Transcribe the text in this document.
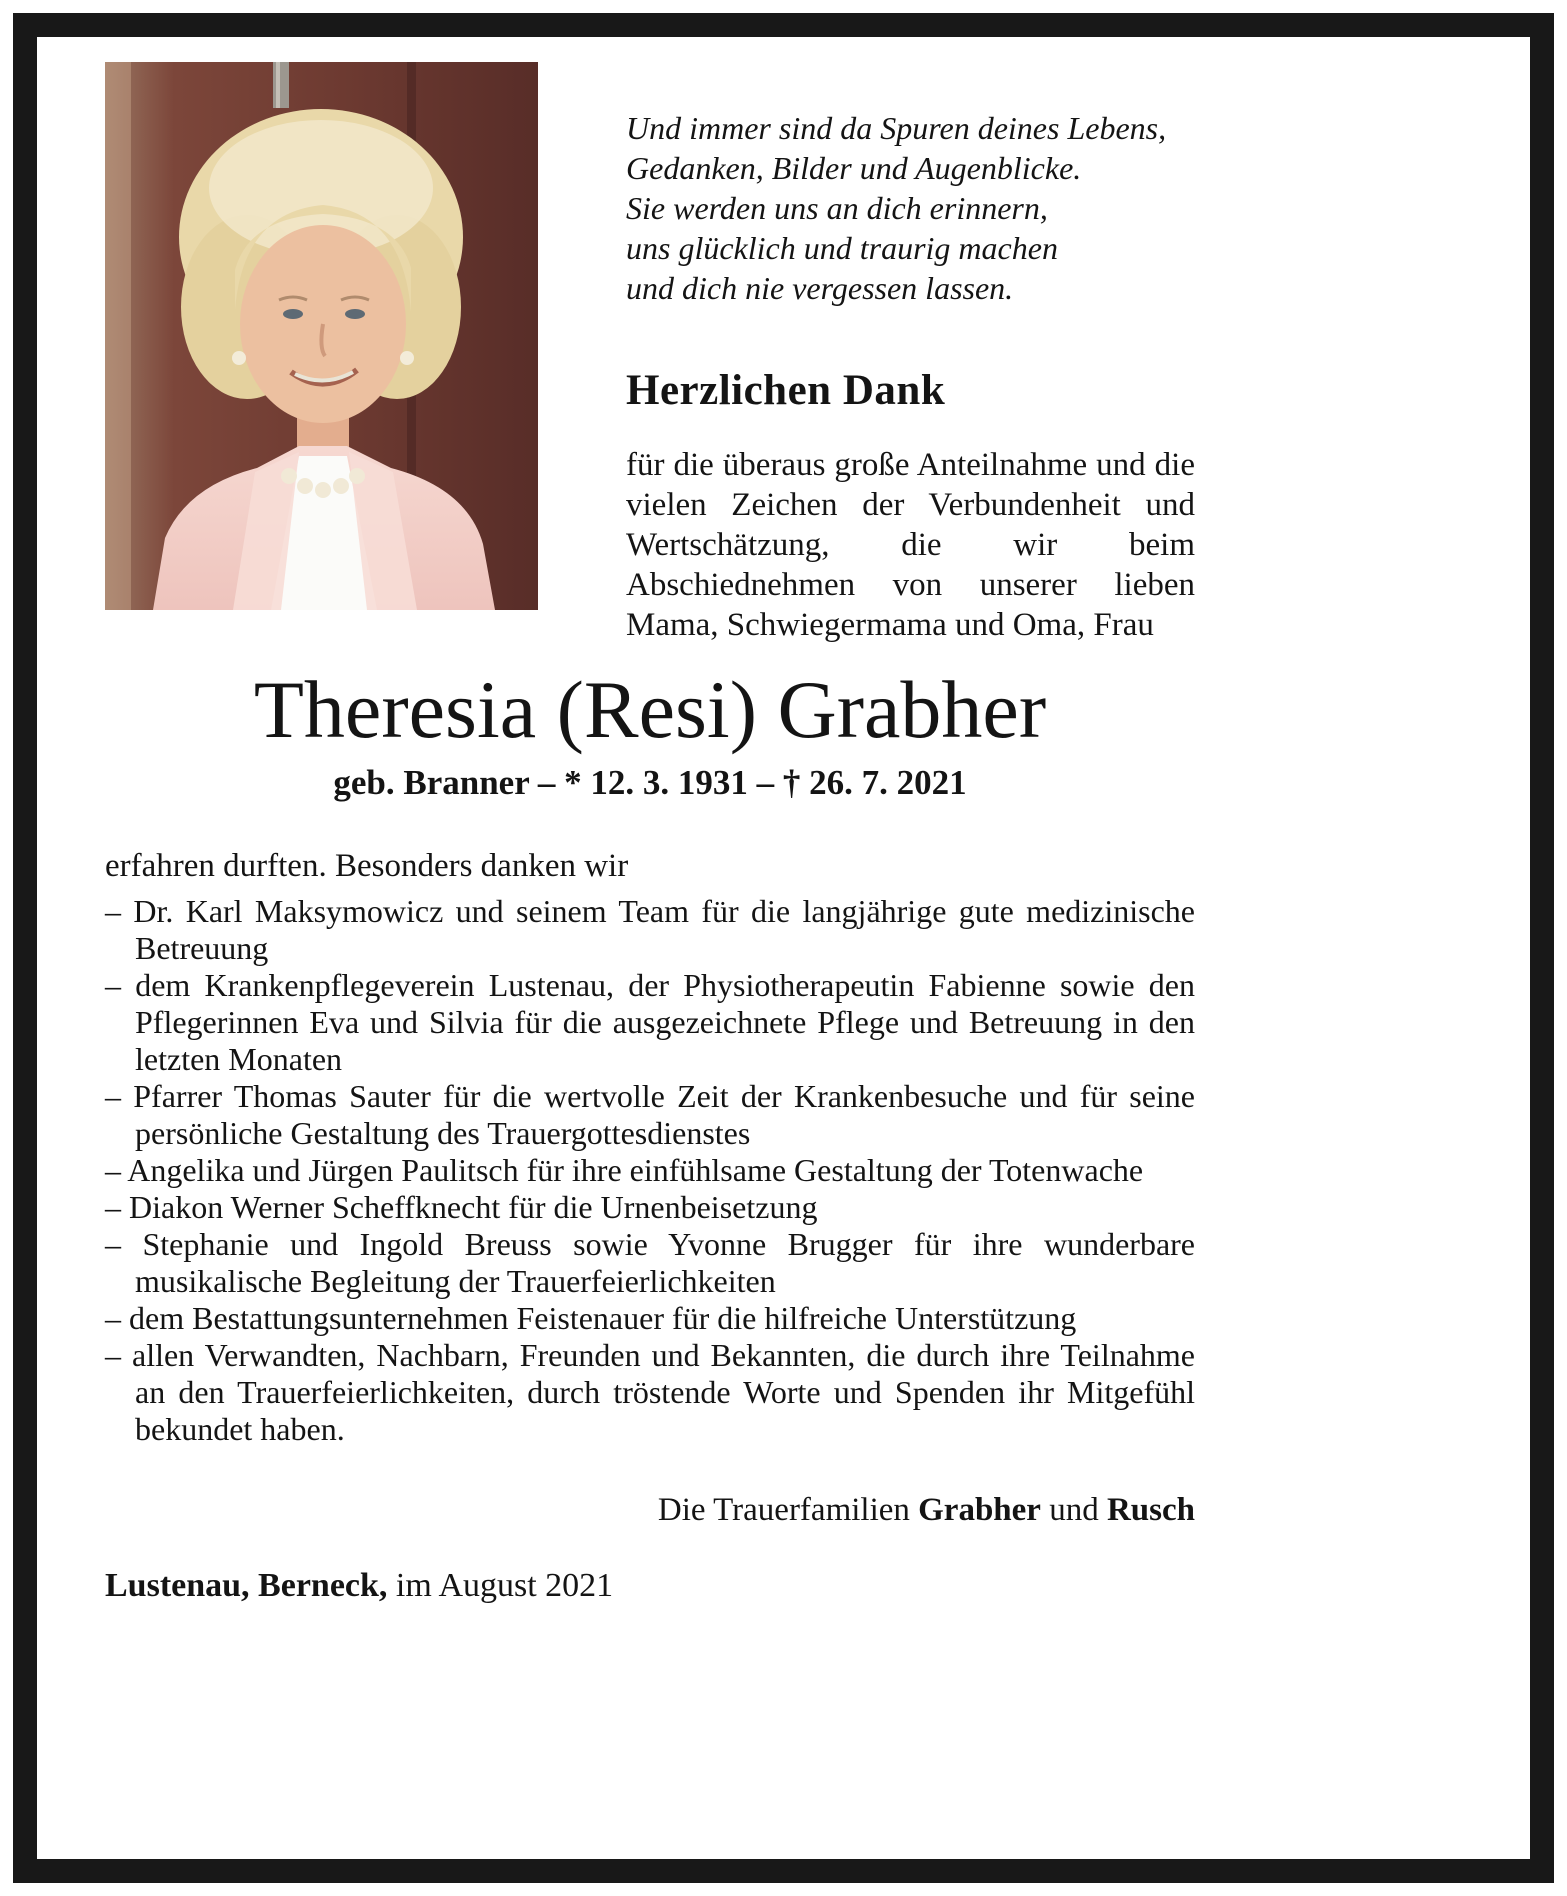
Und immer sind da Spuren deines Lebens,
Gedanken, Bilder und Augenblicke.
Sie werden uns an dich erinnern,
uns glücklich und traurig machen
und dich nie vergessen lassen.
Herzlichen Dank
für die überaus große Anteilnahme und die vielen Zeichen der Verbundenheit und Wertschätzung, die wir beim Abschiednehmen von unserer lieben Mama, Schwiegermama und Oma, Frau
Theresia (Resi) Grabher
geb. Branner – * 12. 3. 1931 – † 26. 7. 2021
erfahren durften. Besonders danken wir
– Dr. Karl Maksymowicz und seinem Team für die langjährige gute medizinische Betreuung
– dem Krankenpflegeverein Lustenau, der Physiotherapeutin Fabienne sowie den Pflegerinnen Eva und Silvia für die ausgezeichnete Pflege und Betreuung in den letzten Monaten
– Pfarrer Thomas Sauter für die wertvolle Zeit der Krankenbesuche und für seine persönliche Gestaltung des Trauergottesdienstes
– Angelika und Jürgen Paulitsch für ihre einfühlsame Gestaltung der Totenwache
– Diakon Werner Scheffknecht für die Urnenbeisetzung
– Stephanie und Ingold Breuss sowie Yvonne Brugger für ihre wunderbare musikalische Begleitung der Trauerfeierlichkeiten
– dem Bestattungsunternehmen Feistenauer für die hilfreiche Unterstützung
– allen Verwandten, Nachbarn, Freunden und Bekannten, die durch ihre Teilnahme an den Trauerfeierlichkeiten, durch tröstende Worte und Spenden ihr Mitgefühl bekundet haben.
Die Trauerfamilien Grabher und Rusch
Lustenau, Berneck, im August 2021
